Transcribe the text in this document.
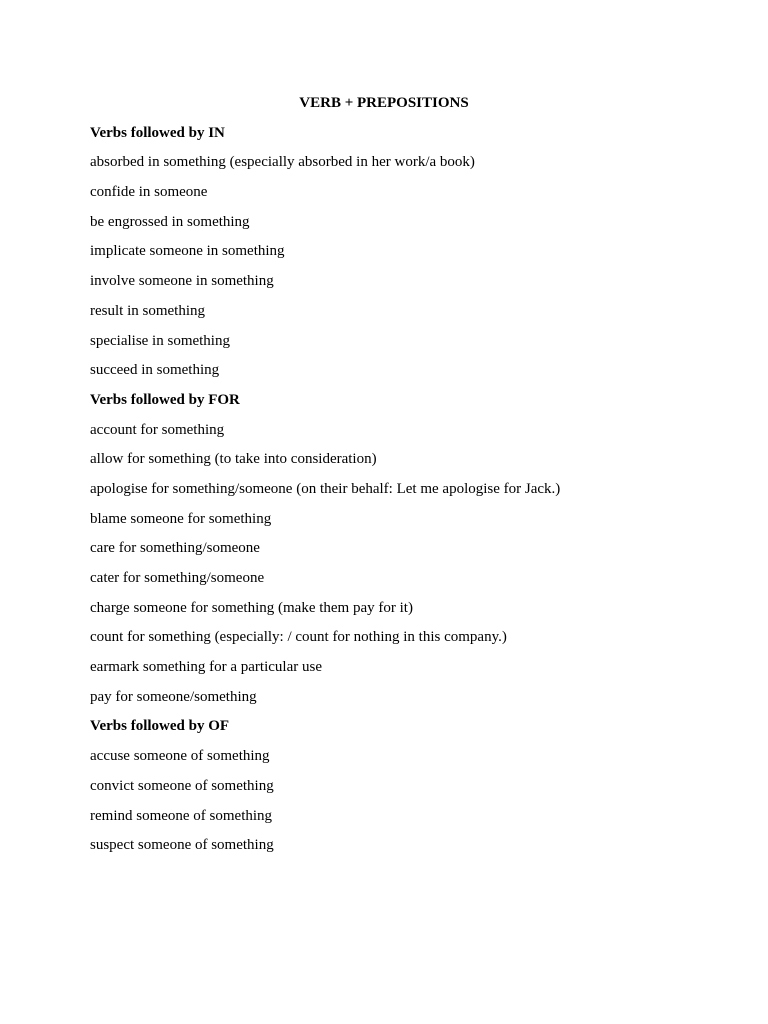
VERB + PREPOSITIONS

Verbs followed by IN

absorbed in something (especially absorbed in her work/a book)

confide in someone

be engrossed in something

implicate someone in something

involve someone in something

result in something

specialise in something

succeed in something

Verbs followed by FOR

account for something

allow for something (to take into consideration)

apologise for something/someone (on their behalf: Let me apologise for Jack.)

blame someone for something

care for something/someone

cater for something/someone

charge someone for something (make them pay for it)

count for something (especially: / count for nothing in this company.)

earmark something for a particular use

pay for someone/something

Verbs followed by OF

accuse someone of something

convict someone of something

remind someone of something

suspect someone of something
